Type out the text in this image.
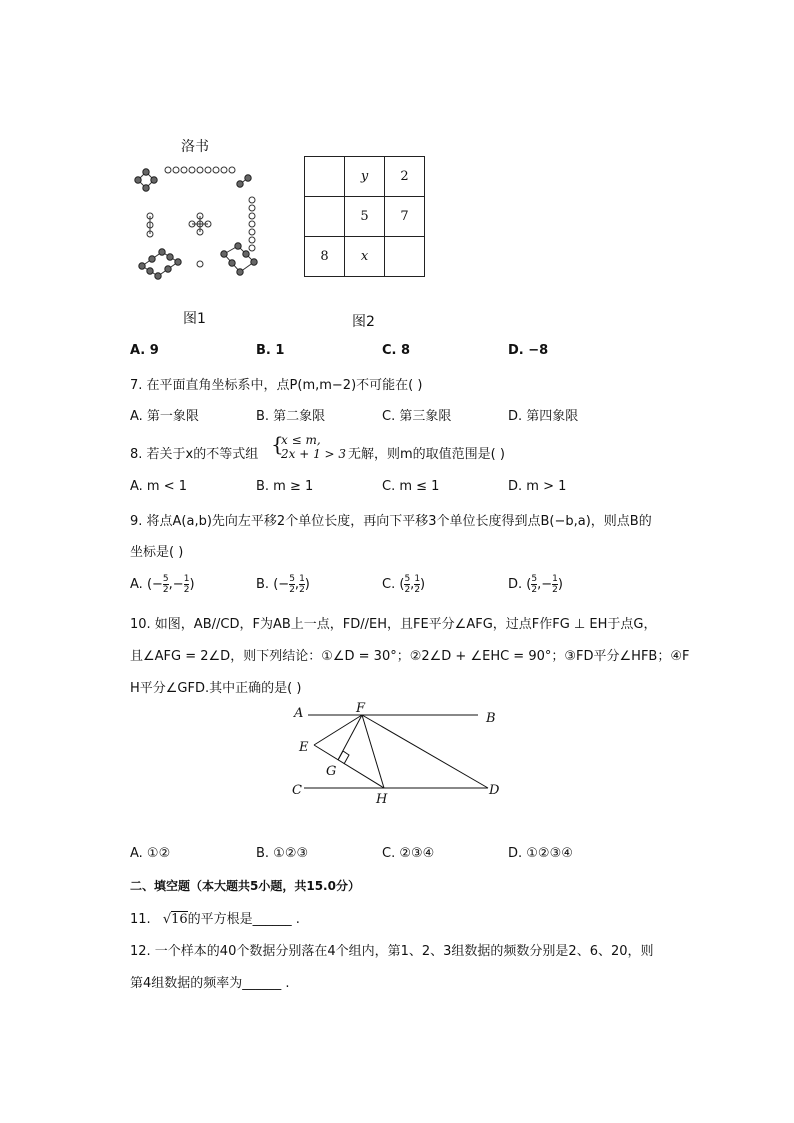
洛书
图1
	y	2
	5	7
8	x	
图2
A. 9	B. 1	C. 8	D. −8
7. 在平面直角坐标系中，点P(m,m−2)不可能在( )
A. 第一象限	B. 第二象限	C. 第三象限	D. 第四象限
8. 若关于x的不等式组 {
x ≤ m,
2x + 1 > 3 无解，则m的取值范围是( )
A. m < 1	B. m ≥ 1	C. m ≤ 1	D. m > 1
9. 将点A(a,b)先向左平移2个单位长度，再向下平移3个单位长度得到点B(−b,a)，则点B的
坐标是( )
A. (− $\frac{5}{2}$ ,− $\frac{1}{2}$ )	B. (− $\frac{5}{2}$ , $\frac{1}{2}$ )	C. ( $\frac{5}{2}$ , $\frac{1}{2}$ )	D. ( $\frac{5}{2}$ ,− $\frac{1}{2}$ )
10. 如图，AB//CD，F为AB上一点，FD//EH，且FE平分∠AFG，过点F作FG ⊥ EH于点G，
且∠AFG = 2∠D，则下列结论：①∠D = 30°；②2∠D + ∠EHC = 90°；③FD平分∠HFB；④F
H平分∠GFD.其中正确的是( )
A	F
B
E
G
C
H
D
A. ①②	B. ①②③	C. ②③④	D. ①②③④
二、填空题（本大题共5小题，共15.0分）
11. √16的平方根是______ .
12. 一个样本的40个数据分别落在4个组内，第1、2、3组数据的频数分别是2、6、20，则
第4组数据的频率为______ .
